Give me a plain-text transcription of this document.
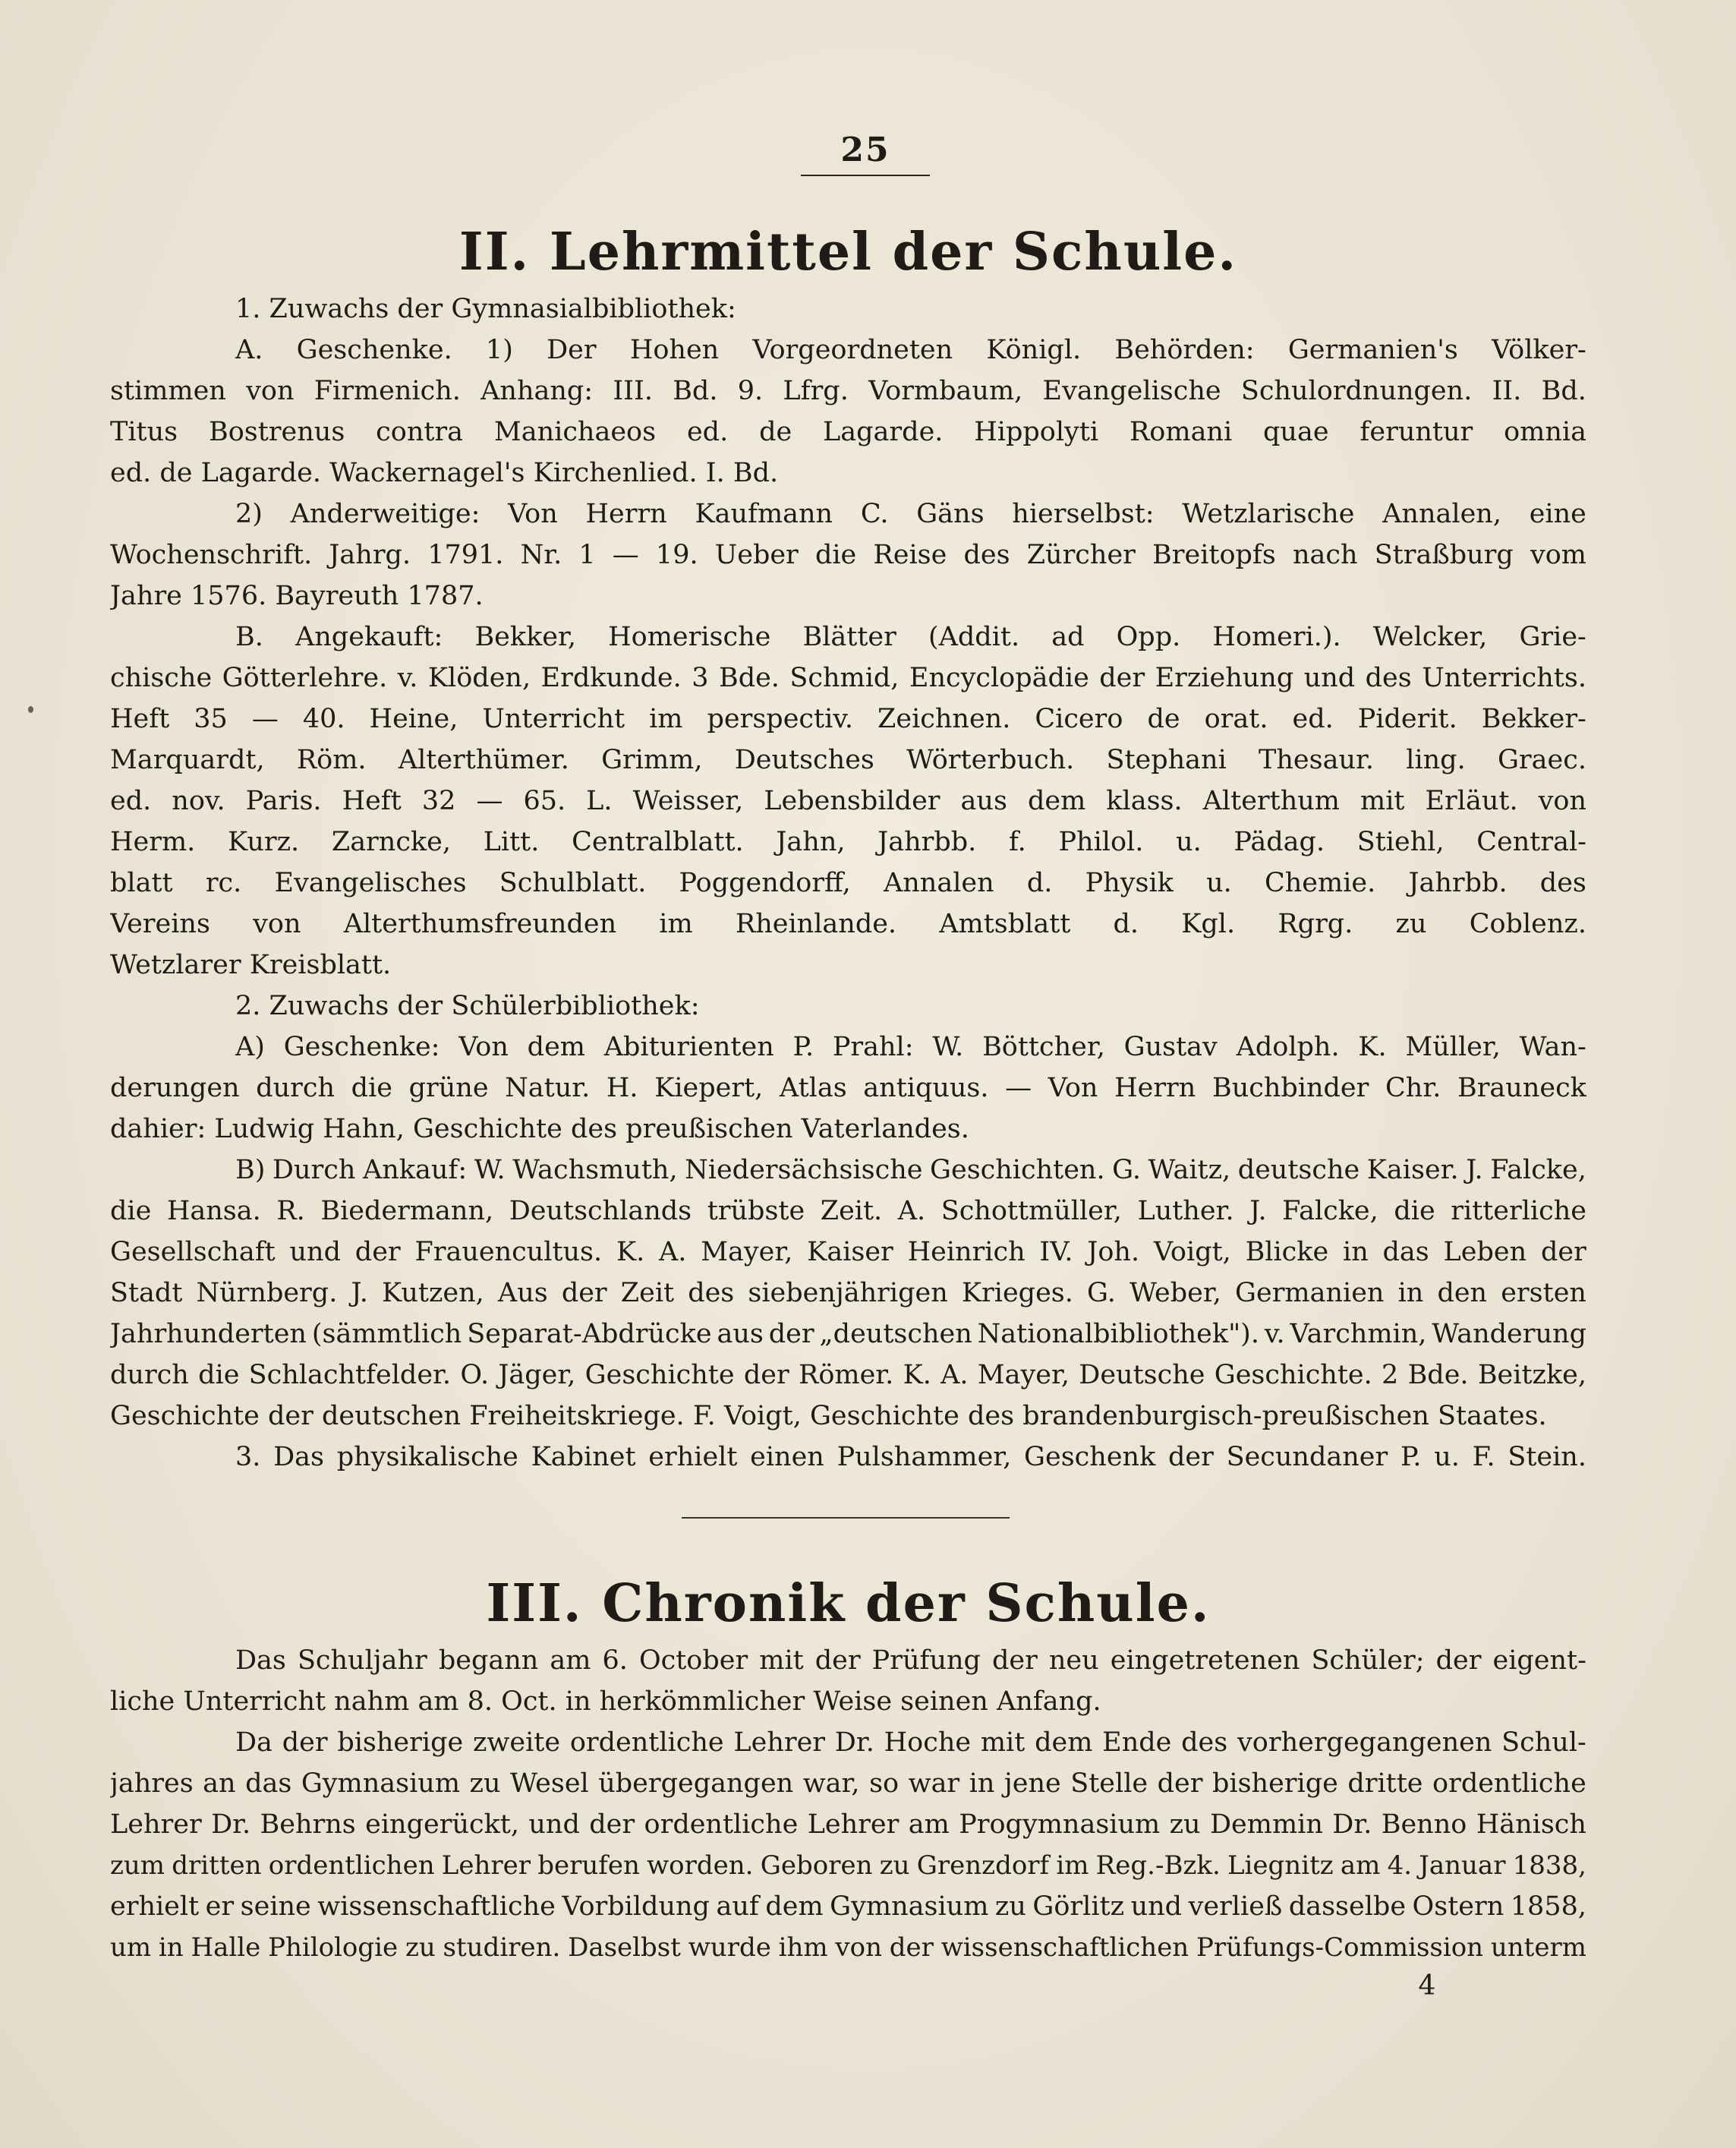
25
II. Lehrmittel der Schule.
1. Zuwachs der Gymnasialbibliothek:
A. Geschenke. 1) Der Hohen Vorgeordneten Königl. Behörden: Germanien's Völker-
stimmen von Firmenich. Anhang: III. Bd. 9. Lfrg. Vormbaum, Evangelische Schulordnungen. II. Bd.
Titus Bostrenus contra Manichaeos ed. de Lagarde. Hippolyti Romani quae feruntur omnia
ed. de Lagarde. Wackernagel's Kirchenlied. I. Bd.
2) Anderweitige: Von Herrn Kaufmann C. Gäns hierselbst: Wetzlarische Annalen, eine
Wochenschrift. Jahrg. 1791. Nr. 1 — 19. Ueber die Reise des Zürcher Breitopfs nach Straßburg vom
Jahre 1576. Bayreuth 1787.
B. Angekauft: Bekker, Homerische Blätter (Addit. ad Opp. Homeri.). Welcker, Grie-
chische Götterlehre. v. Klöden, Erdkunde. 3 Bde. Schmid, Encyclopädie der Erziehung und des Unterrichts.
Heft 35 — 40. Heine, Unterricht im perspectiv. Zeichnen. Cicero de orat. ed. Piderit. Bekker-
Marquardt, Röm. Alterthümer. Grimm, Deutsches Wörterbuch. Stephani Thesaur. ling. Graec.
ed. nov. Paris. Heft 32 — 65. L. Weisser, Lebensbilder aus dem klass. Alterthum mit Erläut. von
Herm. Kurz. Zarncke, Litt. Centralblatt. Jahn, Jahrbb. f. Philol. u. Pädag. Stiehl, Central-
blatt rc. Evangelisches Schulblatt. Poggendorff, Annalen d. Physik u. Chemie. Jahrbb. des
Vereins von Alterthumsfreunden im Rheinlande. Amtsblatt d. Kgl. Rgrg. zu Coblenz.
Wetzlarer Kreisblatt.
2. Zuwachs der Schülerbibliothek:
A) Geschenke: Von dem Abiturienten P. Prahl: W. Böttcher, Gustav Adolph. K. Müller, Wan-
derungen durch die grüne Natur. H. Kiepert, Atlas antiquus. — Von Herrn Buchbinder Chr. Brauneck
dahier: Ludwig Hahn, Geschichte des preußischen Vaterlandes.
B) Durch Ankauf: W. Wachsmuth, Niedersächsische Geschichten. G. Waitz, deutsche Kaiser. J. Falcke,
die Hansa. R. Biedermann, Deutschlands trübste Zeit. A. Schottmüller, Luther. J. Falcke, die ritterliche
Gesellschaft und der Frauencultus. K. A. Mayer, Kaiser Heinrich IV. Joh. Voigt, Blicke in das Leben der
Stadt Nürnberg. J. Kutzen, Aus der Zeit des siebenjährigen Krieges. G. Weber, Germanien in den ersten
Jahrhunderten (sämmtlich Separat-Abdrücke aus der „deutschen Nationalbibliothek"). v. Varchmin, Wanderung
durch die Schlachtfelder. O. Jäger, Geschichte der Römer. K. A. Mayer, Deutsche Geschichte. 2 Bde. Beitzke,
Geschichte der deutschen Freiheitskriege. F. Voigt, Geschichte des brandenburgisch-preußischen Staates.
3. Das physikalische Kabinet erhielt einen Pulshammer, Geschenk der Secundaner P. u. F. Stein.
III. Chronik der Schule.
Das Schuljahr begann am 6. October mit der Prüfung der neu eingetretenen Schüler; der eigent-
liche Unterricht nahm am 8. Oct. in herkömmlicher Weise seinen Anfang.
Da der bisherige zweite ordentliche Lehrer Dr. Hoche mit dem Ende des vorhergegangenen Schul-
jahres an das Gymnasium zu Wesel übergegangen war, so war in jene Stelle der bisherige dritte ordentliche
Lehrer Dr. Behrns eingerückt, und der ordentliche Lehrer am Progymnasium zu Demmin Dr. Benno Hänisch
zum dritten ordentlichen Lehrer berufen worden. Geboren zu Grenzdorf im Reg.-Bzk. Liegnitz am 4. Januar 1838,
erhielt er seine wissenschaftliche Vorbildung auf dem Gymnasium zu Görlitz und verließ dasselbe Ostern 1858,
um in Halle Philologie zu studiren. Daselbst wurde ihm von der wissenschaftlichen Prüfungs-Commission unterm
4
